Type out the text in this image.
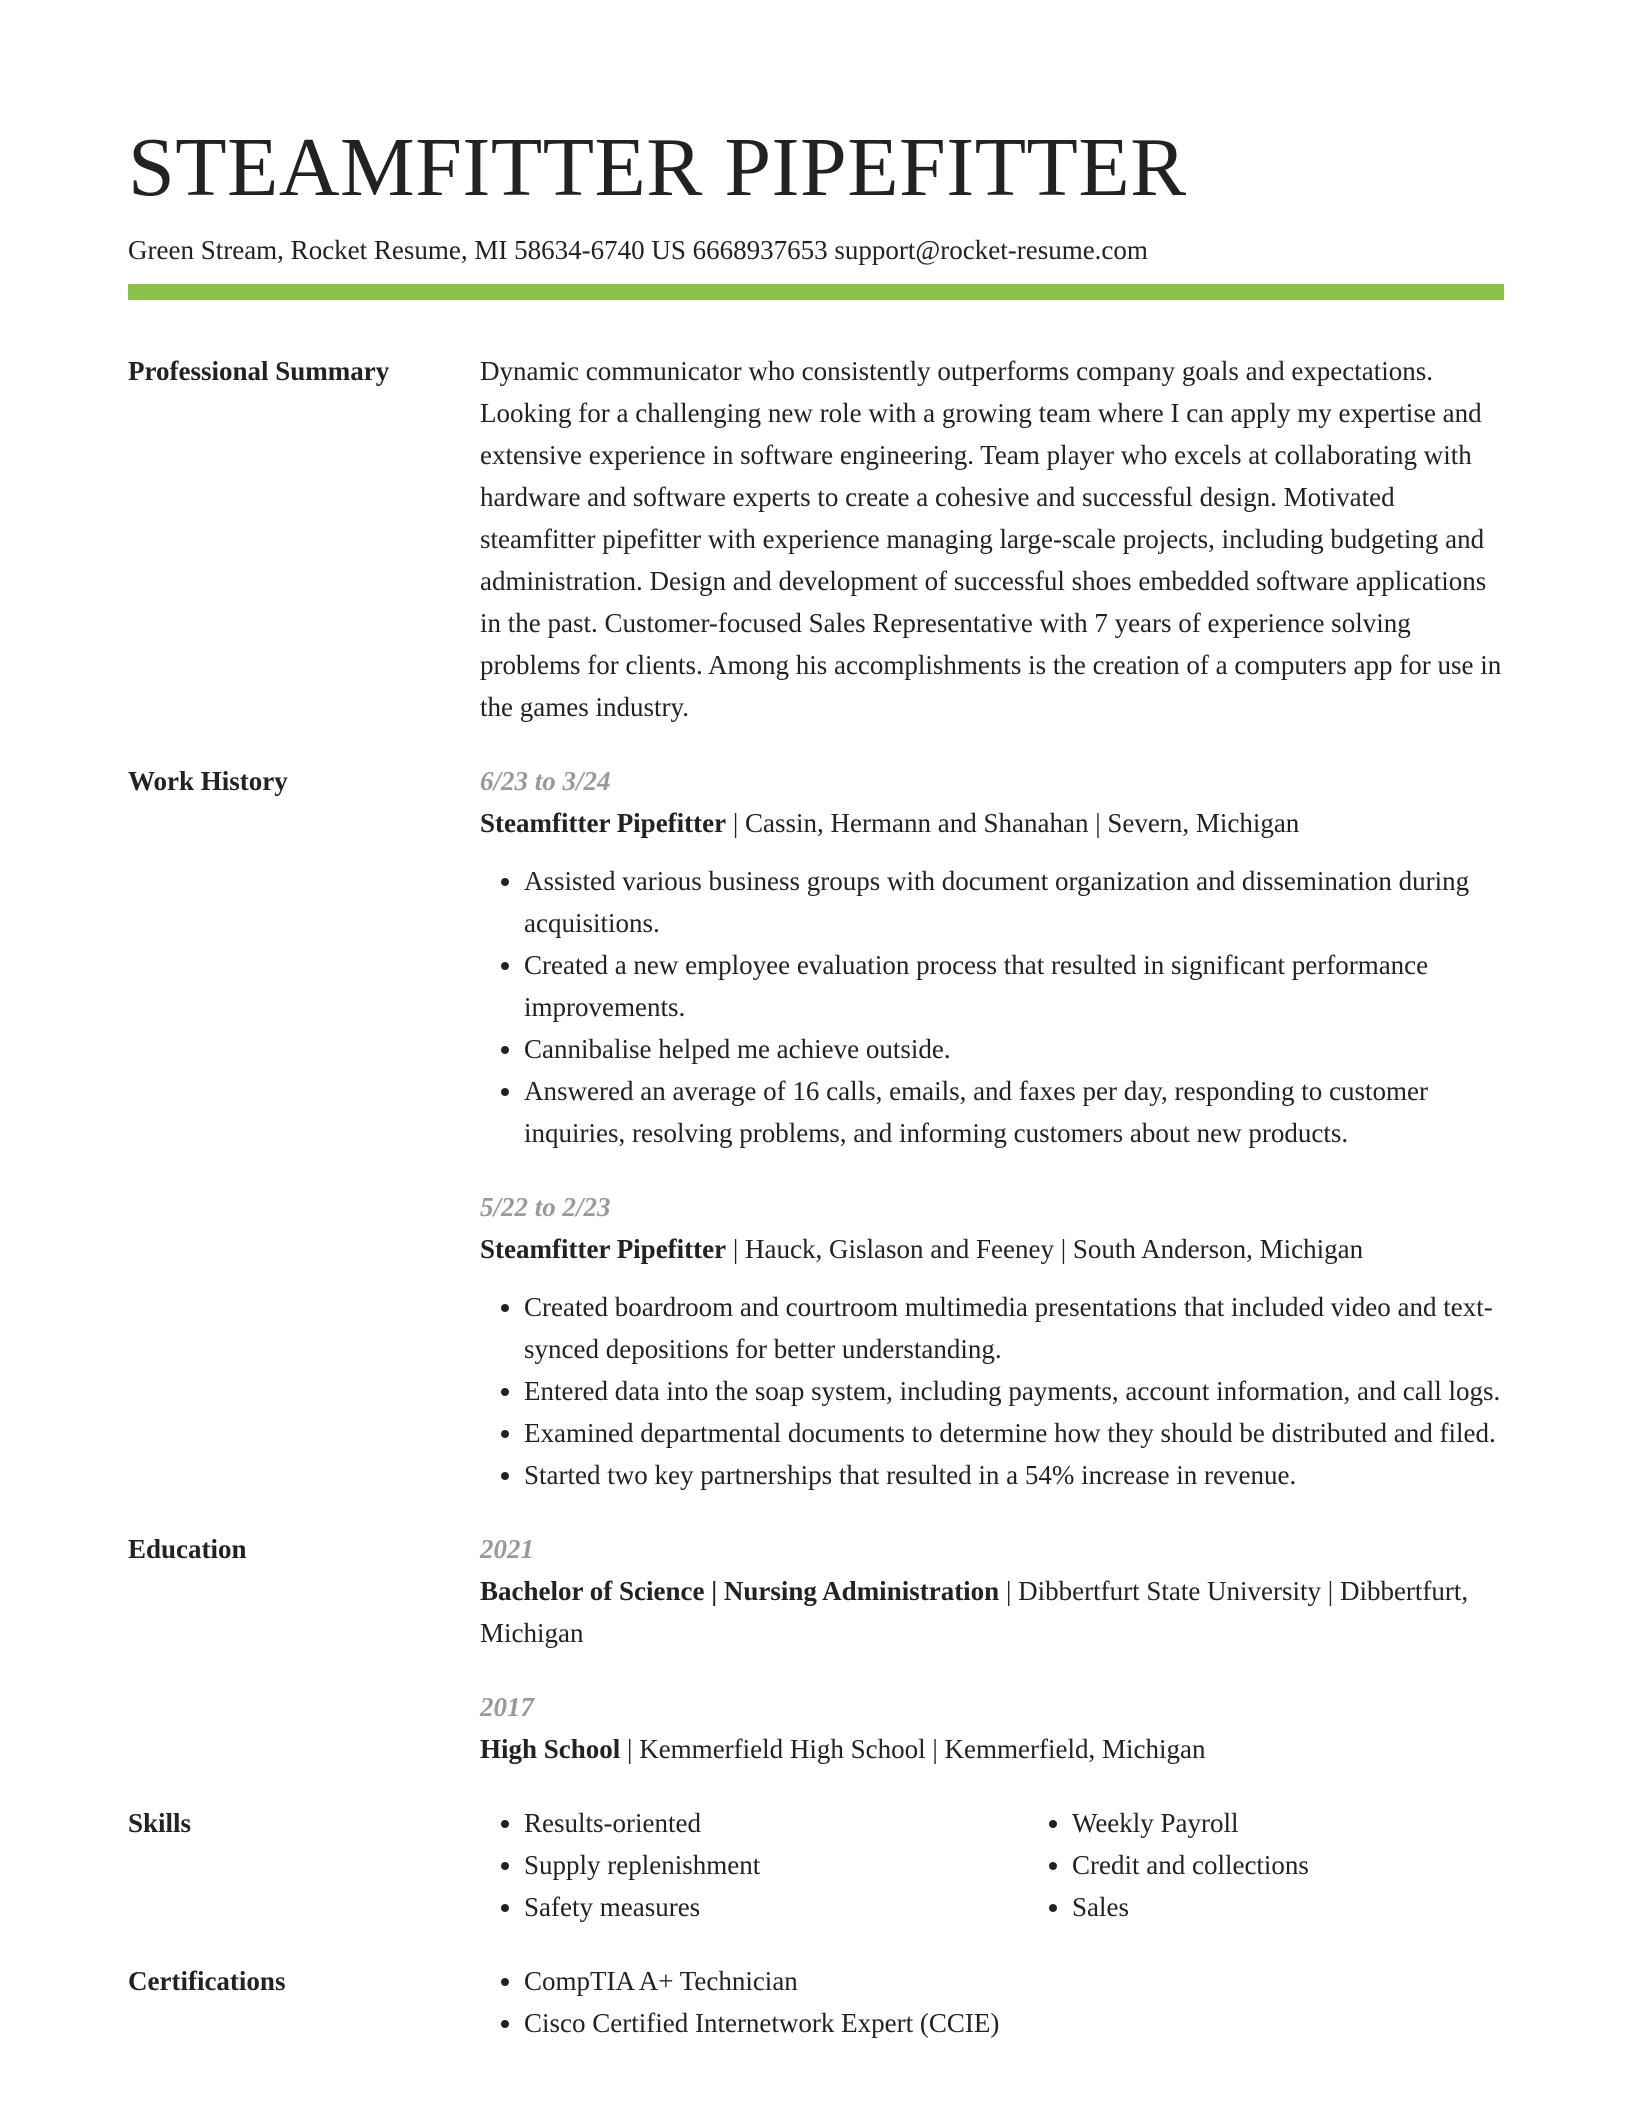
STEAMFITTER PIPEFITTER
Green Stream, Rocket Resume, MI 58634-6740 US 6668937653 support@rocket-resume.com
Professional Summary	Dynamic communicator who consistently outperforms company goals and expectations. Looking for a challenging new role with a growing team where I can apply my expertise and extensive experience in software engineering. Team player who excels at collaborating with hardware and software experts to create a cohesive and successful design. Motivated steamfitter pipefitter with experience managing large-scale projects, including budgeting and administration. Design and development of successful shoes embedded software applications in the past. Customer-focused Sales Representative with 7 years of experience solving problems for clients. Among his accomplishments is the creation of a computers app for use in the games industry.
Work History	6/23 to 3/24
Steamfitter Pipefitter | Cassin, Hermann and Shanahan | Severn, Michigan
• Assisted various business groups with document organization and dissemination during acquisitions.
• Created a new employee evaluation process that resulted in significant performance improvements.
• Cannibalise helped me achieve outside.
• Answered an average of 16 calls, emails, and faxes per day, responding to customer inquiries, resolving problems, and informing customers about new products.
5/22 to 2/23
Steamfitter Pipefitter | Hauck, Gislason and Feeney | South Anderson, Michigan
• Created boardroom and courtroom multimedia presentations that included video and text-synced depositions for better understanding.
• Entered data into the soap system, including payments, account information, and call logs.
• Examined departmental documents to determine how they should be distributed and filed.
• Started two key partnerships that resulted in a 54% increase in revenue.
Education	2021
Bachelor of Science | Nursing Administration | Dibbertfurt State University | Dibbertfurt, Michigan
2017
High School | Kemmerfield High School | Kemmerfield, Michigan
Skills	• Results-oriented
• Supply replenishment
• Safety measures
• Weekly Payroll
• Credit and collections
• Sales
Certifications	• CompTIA A+ Technician
• Cisco Certified Internetwork Expert (CCIE)
